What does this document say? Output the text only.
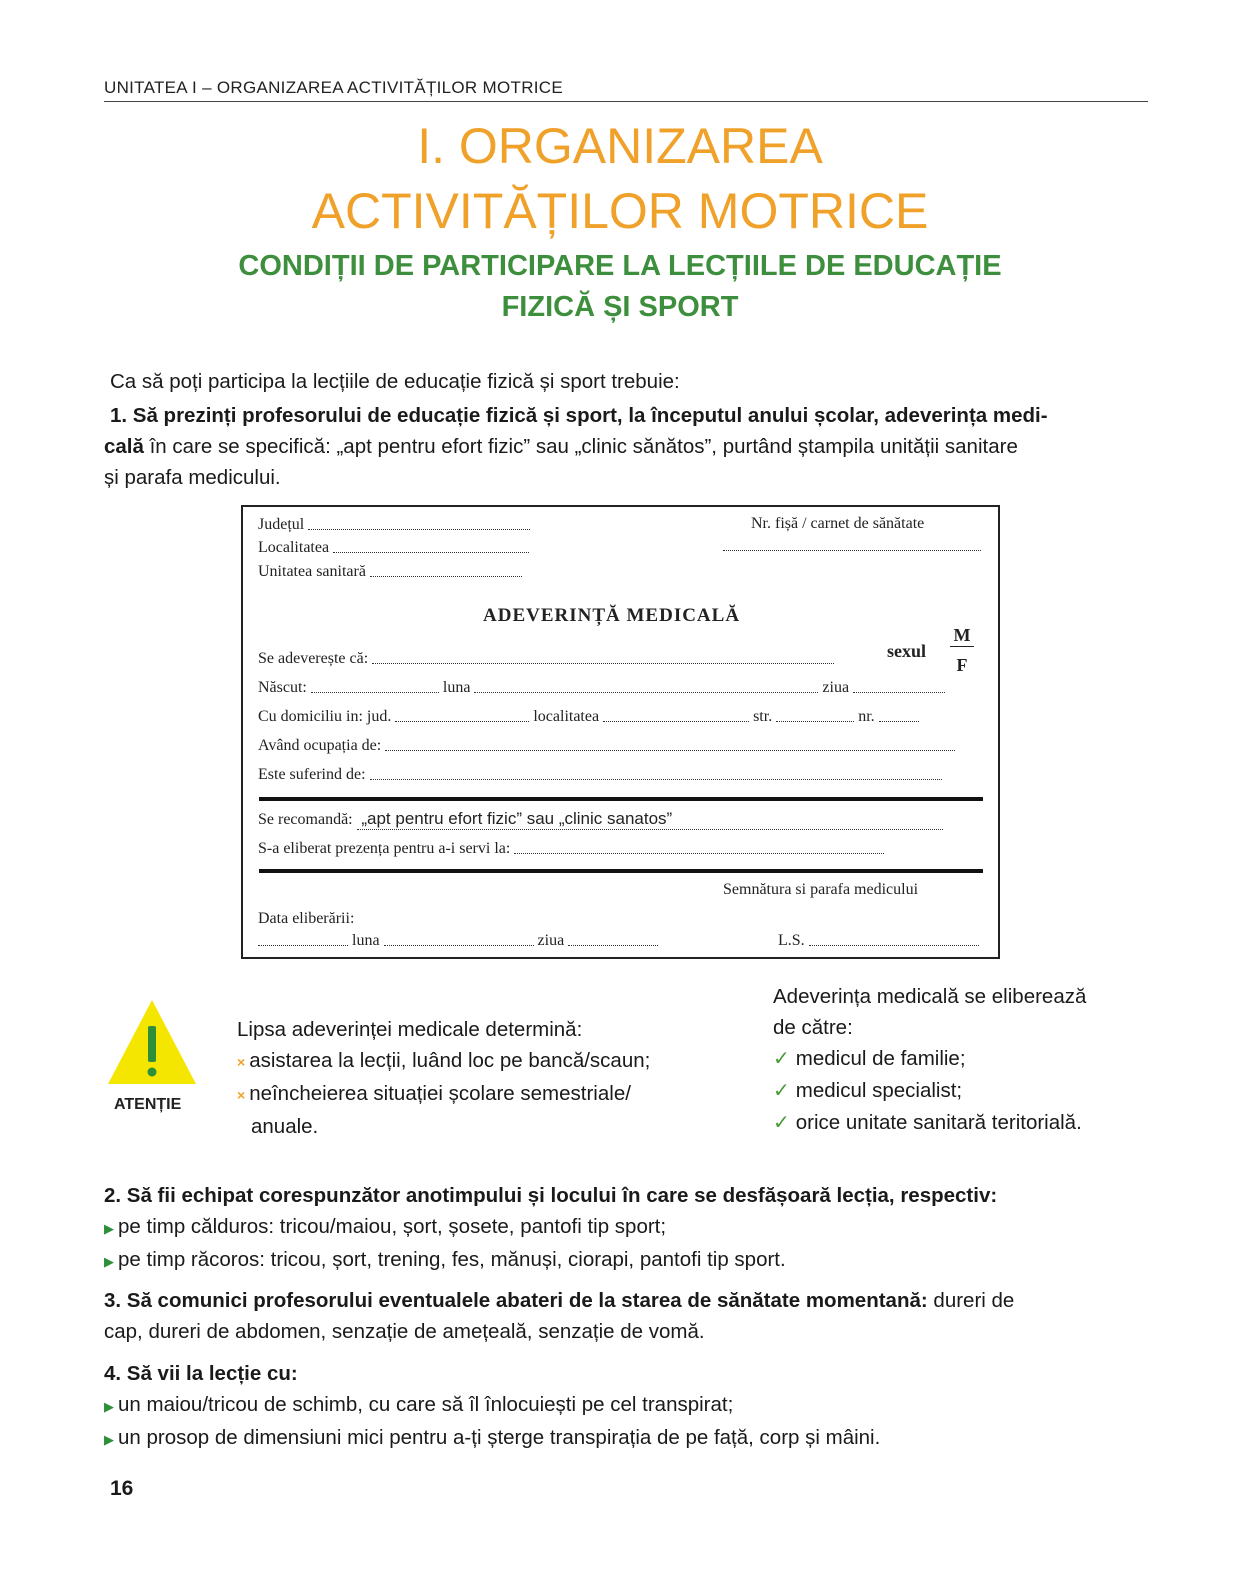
UNITATEA I – ORGANIZAREA ACTIVITĂȚILOR MOTRICE
I. ORGANIZAREA
ACTIVITĂȚILOR MOTRICE
CONDIȚII DE PARTICIPARE LA LECȚIILE DE EDUCAȚIE
FIZICĂ ȘI SPORT
Ca să poți participa la lecțiile de educație fizică și sport trebuie:
1. Să prezinți profesorului de educație fizică și sport, la începutul anului școlar, adeverința medi-
cală în care se specifică: „apt pentru efort fizic” sau „clinic sănătos”, purtând ștampila unității sanitare
și parafa medicului.
Județul
Localitatea
Unitatea sanitară
Nr. fișă / carnet de sănătate
ADEVERINȚĂ MEDICALĂ
Se adeverește că:	sexul
M
F
Născut:	luna	ziua
Cu domiciliu in: jud.	localitatea	str.	nr.
Având ocupația de:
Este suferind de:
Se recomandă: „apt pentru efort fizic” sau „clinic sanatos”
S-a eliberat prezența pentru a-i servi la:
Semnătura si parafa medicului
Data eliberării:
luna	ziua	L.S.
ATENȚIE
Lipsa adeverinței medicale determină:
× asistarea la lecții, luând loc pe bancă/scaun;
× neîncheierea situației școlare semestriale/
anuale.
Adeverința medicală se eliberează
de către:
✓ medicul de familie;
✓ medicul specialist;
✓ orice unitate sanitară teritorială.
2. Să fii echipat corespunzător anotimpului și locului în care se desfășoară lecția, respectiv:
▶ pe timp călduros: tricou/maiou, șort, șosete, pantofi tip sport;
▶ pe timp răcoros: tricou, șort, trening, fes, mănuși, ciorapi, pantofi tip sport.
3. Să comunici profesorului eventualele abateri de la starea de sănătate momentană: dureri de
cap, dureri de abdomen, senzație de amețeală, senzație de vomă.
4. Să vii la lecție cu:
▶ un maiou/tricou de schimb, cu care să îl înlocuiești pe cel transpirat;
▶ un prosop de dimensiuni mici pentru a-ți șterge transpirația de pe față, corp și mâini.
16
